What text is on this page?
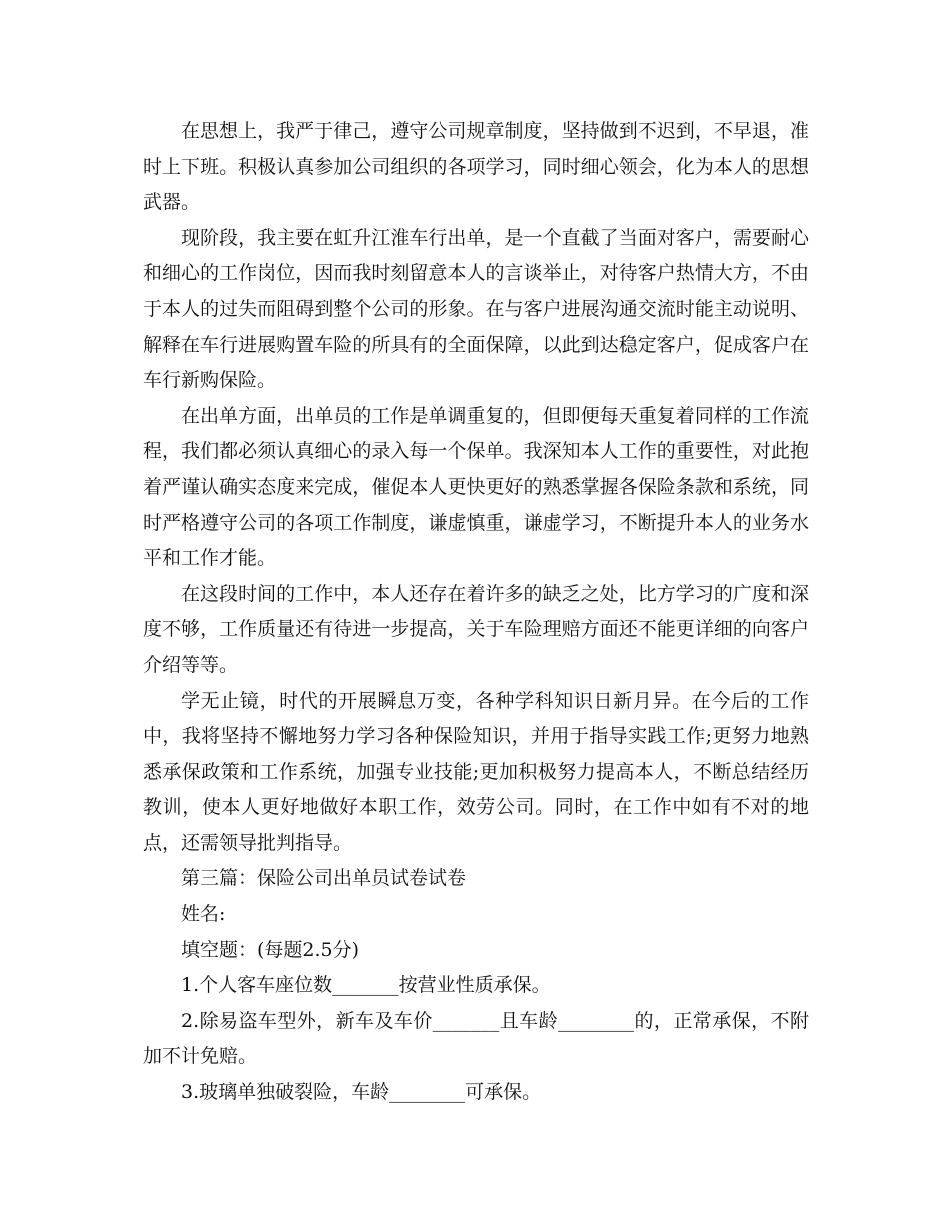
在思想上，我严于律己，遵守公司规章制度，坚持做到不迟到，不早退，准时上下班。积极认真参加公司组织的各项学习，同时细心领会，化为本人的思想武器。

现阶段，我主要在虹升江淮车行出单，是一个直截了当面对客户，需要耐心和细心的工作岗位，因而我时刻留意本人的言谈举止，对待客户热情大方，不由于本人的过失而阻碍到整个公司的形象。在与客户进展沟通交流时能主动说明、解释在车行进展购置车险的所具有的全面保障，以此到达稳定客户，促成客户在车行新购保险。

在出单方面，出单员的工作是单调重复的，但即便每天重复着同样的工作流程，我们都必须认真细心的录入每一个保单。我深知本人工作的重要性，对此抱着严谨认确实态度来完成，催促本人更快更好的熟悉掌握各保险条款和系统，同时严格遵守公司的各项工作制度，谦虚慎重，谦虚学习，不断提升本人的业务水平和工作才能。

在这段时间的工作中，本人还存在着许多的缺乏之处，比方学习的广度和深度不够，工作质量还有待进一步提高，关于车险理赔方面还不能更详细的向客户介绍等等。

学无止镜，时代的开展瞬息万变，各种学科知识日新月异。在今后的工作中，我将坚持不懈地努力学习各种保险知识，并用于指导实践工作;更努力地熟悉承保政策和工作系统，加强专业技能;更加积极努力提高本人，不断总结经历教训，使本人更好地做好本职工作，效劳公司。同时，在工作中如有不对的地点，还需领导批判指导。

第三篇：保险公司出单员试卷试卷

姓名:

填空题：(每题2.5分)

1.个人客车座位数_______按营业性质承保。

2.除易盗车型外，新车及车价_______且车龄________的，正常承保，不附加不计免赔。

3.玻璃单独破裂险，车龄________可承保。
